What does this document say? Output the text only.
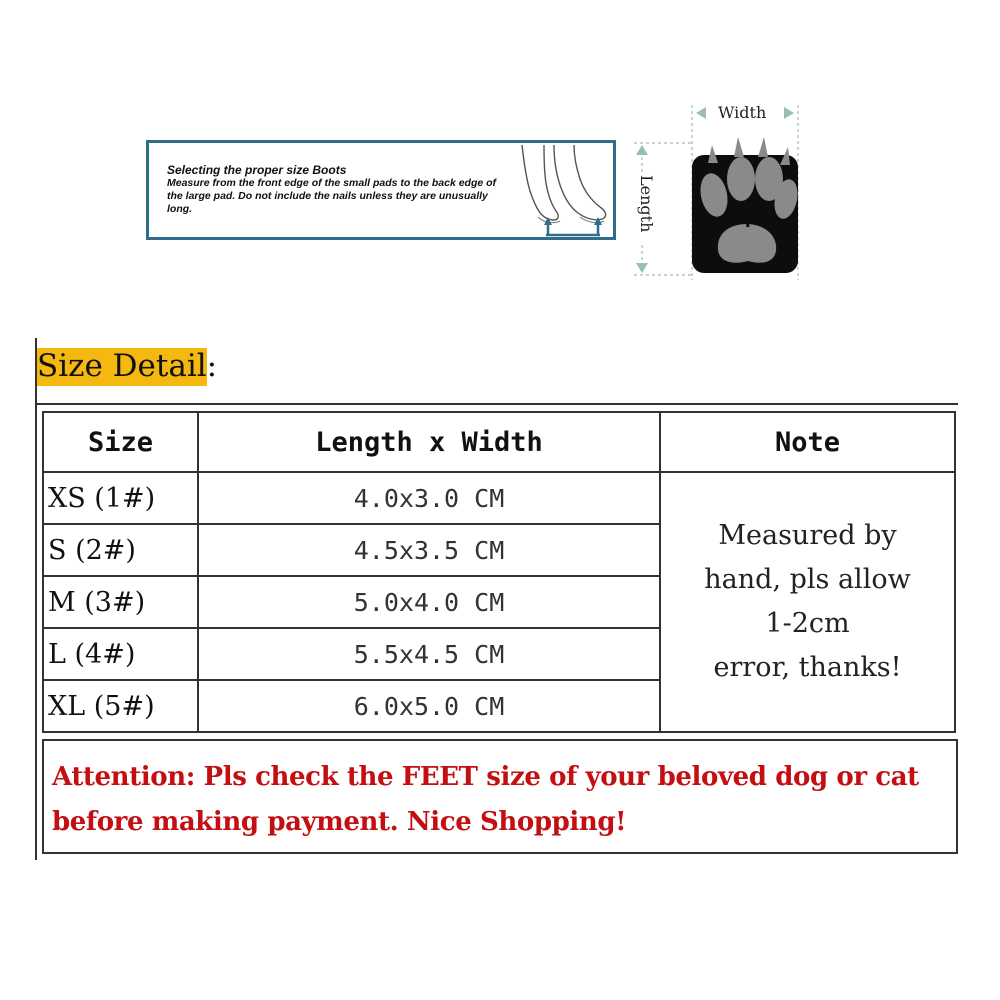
Selecting the proper size Boots
Measure from the front edge of the small pads to the back edge of the large pad. Do not include the nails unless they are unusually long.
Width
Length
Size Detail:
Size	Length x Width	Note
XS (1#)	4.0x3.0 CM	Measured by
hand, pls allow
1-2cm
error, thanks!

S (2#)	4.5x3.5 CM	
M (3#)	5.0x4.0 CM	
L (4#)	5.5x4.5 CM	
XL (5#)	6.0x5.0 CM	
Attention: Pls check the FEET size of your beloved dog or cat before making payment. Nice Shopping!
